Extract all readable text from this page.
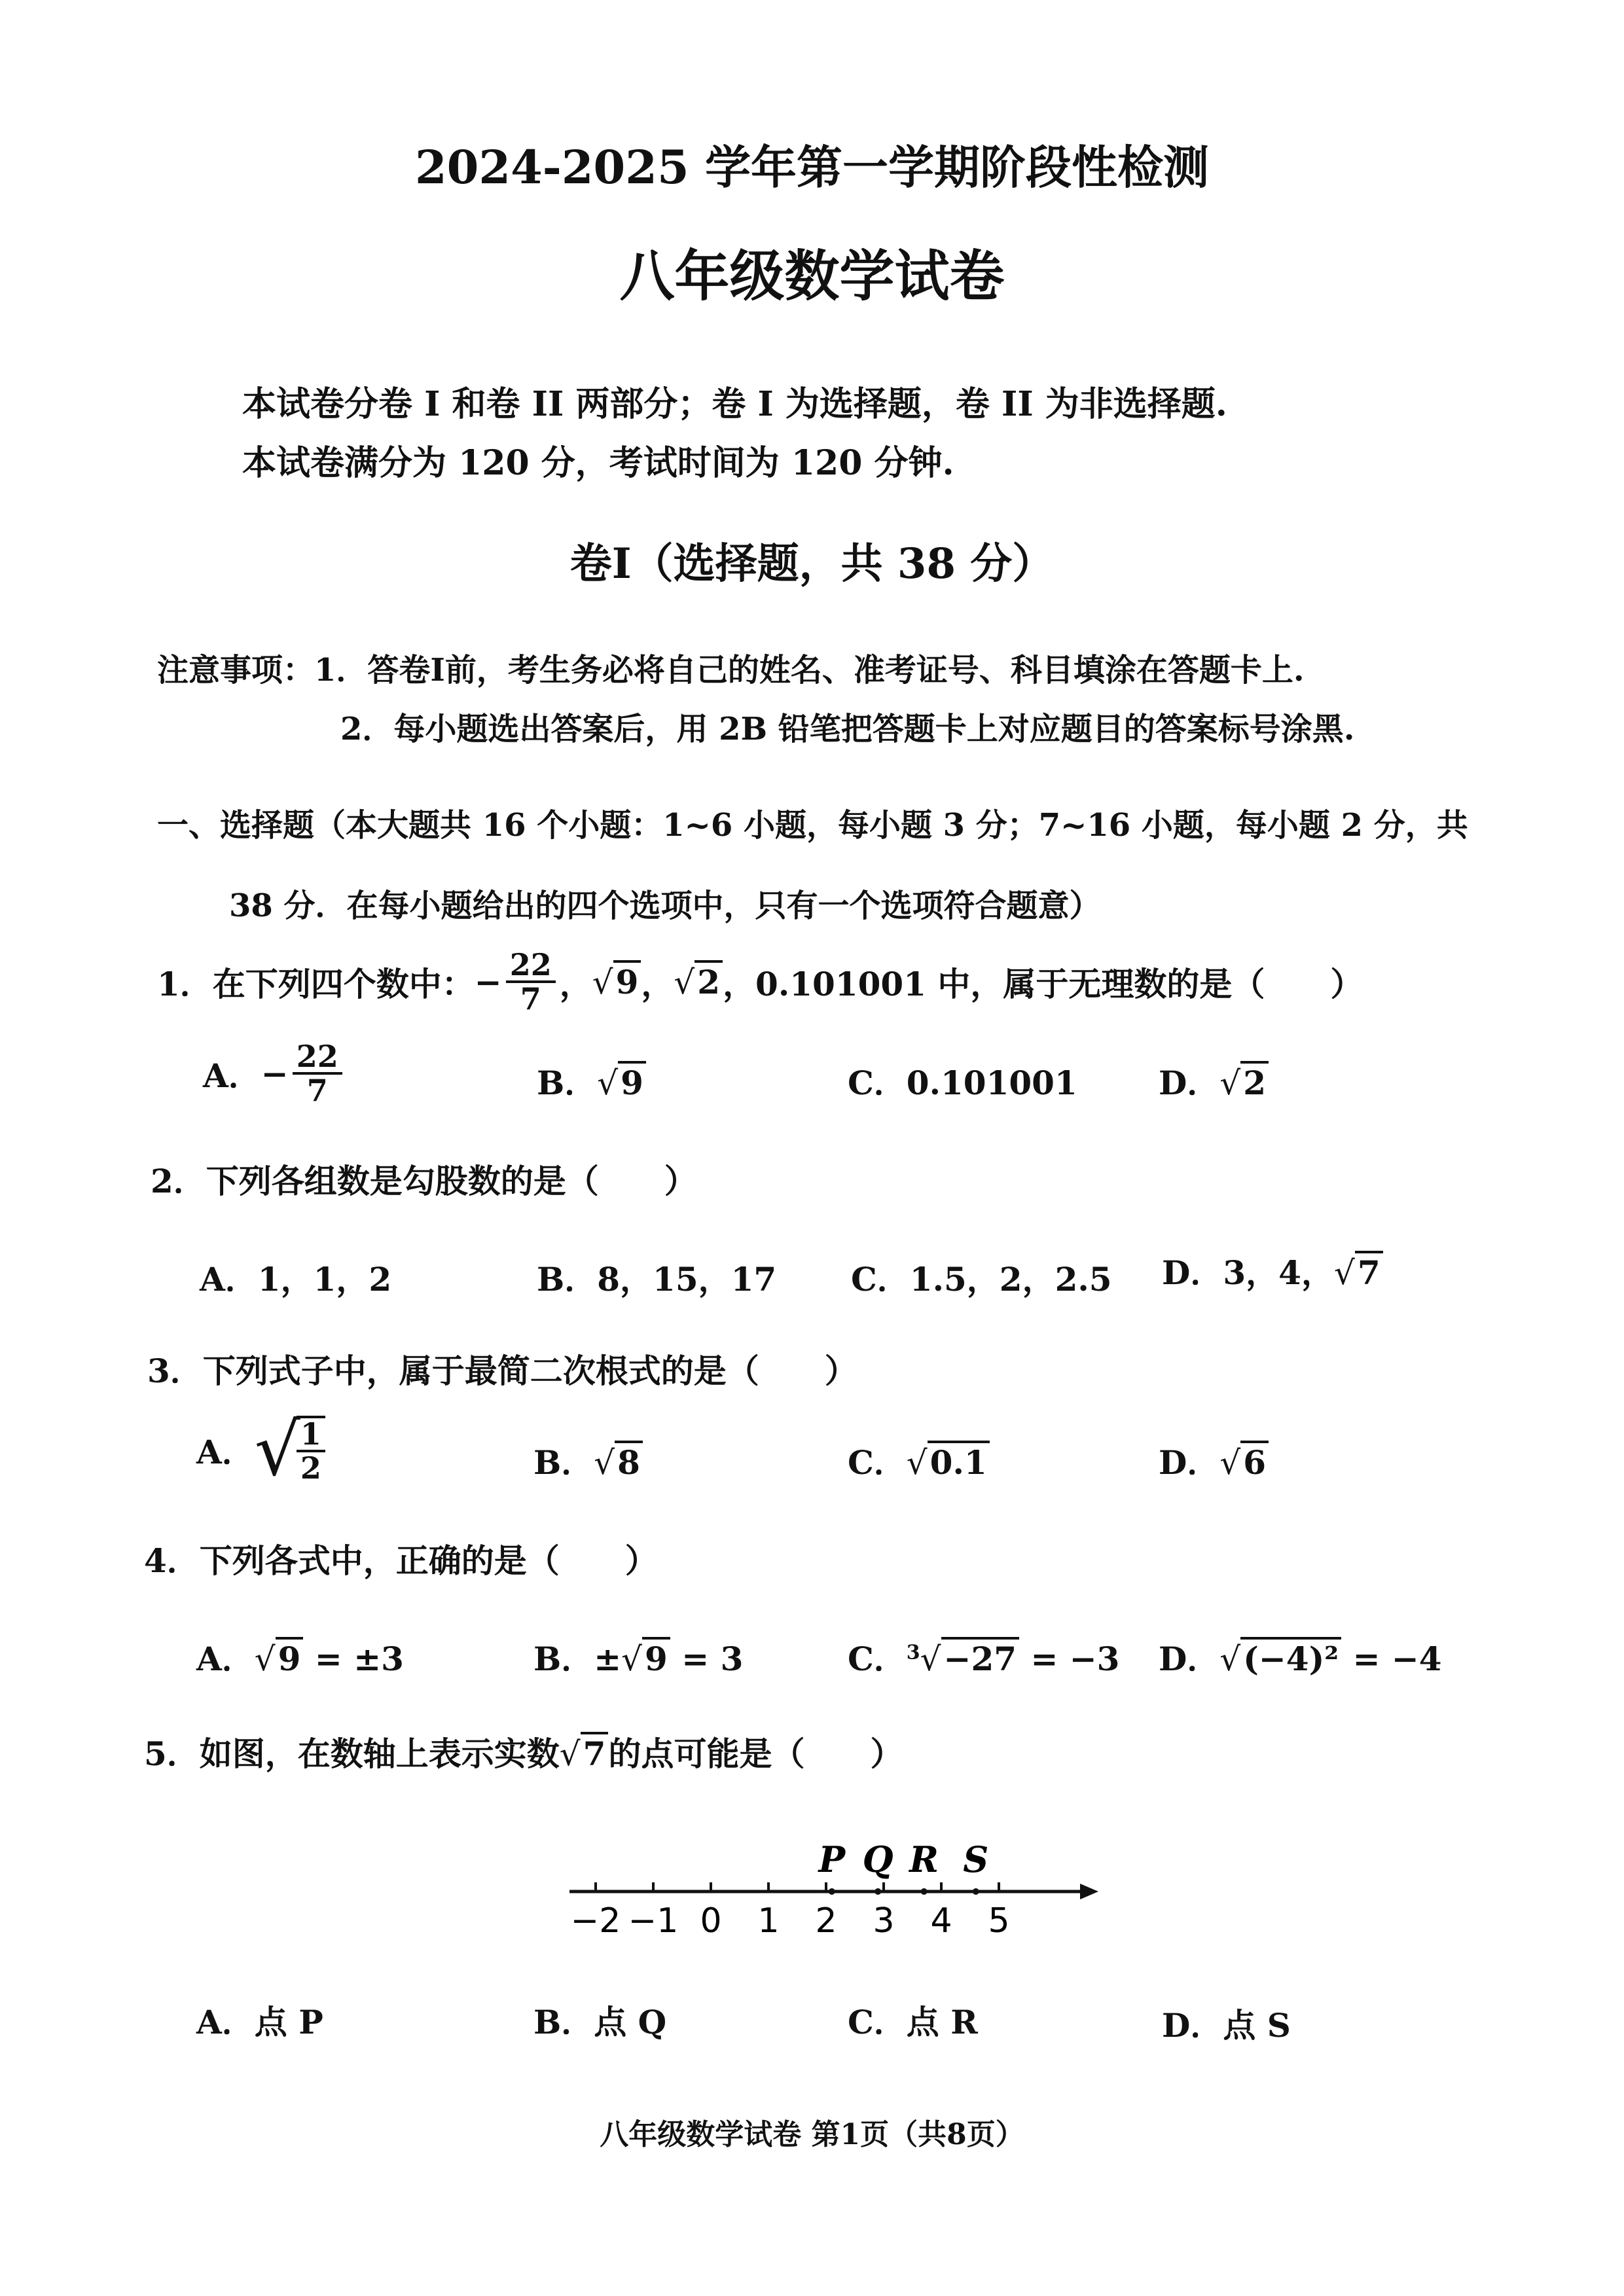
2024-2025 学年第一学期阶段性检测
八年级数学试卷
本试卷分卷 I 和卷 II 两部分；卷 I 为选择题，卷 II 为非选择题.
本试卷满分为 120 分，考试时间为 120 分钟.
卷I（选择题，共 38 分）
注意事项：1．答卷I前，考生务必将自己的姓名、准考证号、科目填涂在答题卡上.
2．每小题选出答案后，用 2B 铅笔把答题卡上对应题目的答案标号涂黑.
一、选择题（本大题共 16 个小题：1~6 小题，每小题 3 分；7~16 小题，每小题 2 分，共
38 分．在每小题给出的四个选项中，只有一个选项符合题意）
1．在下列四个数中： − $\frac{22}{7}$ ， √9 ， √2 ，0.101001 中，属于无理数的是（　　）
A． − $\frac{22}{7}$	B．√9	C．0.101001 D．√2
2．下列各组数是勾股数的是（　　）
A．1，1，2	B．8，15，17 C．1.5，2，2.5 D．3，4，√7
3．下列式子中，属于最简二次根式的是（　　）
A． √
$\frac{1}{2}$	B．√8	C．√0.1	D．√6
4．下列各式中，正确的是（　　）
A．√9 = ±3	B．±√9 = 3	C．$^3$√−27 = −3 D．√(−4)² = −4
5．如图，在数轴上表示实数√7的点可能是（　　）
−2 −1 0 1 2 3 4 5
P Q R S
A．点 P	B．点 Q	C．点 R	D．点 S
八年级数学试卷 第1页（共8页）
